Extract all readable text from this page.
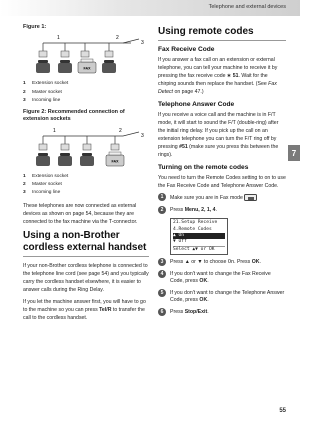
Telephone and external devices
7
55
Figure 1:
FAX
1	2
3
1	Extension socket
2	Master socket
3	Incoming line
Figure 2: Recommended connection of extension sockets
FAX
1	2
3
1	Extension socket
2	Master socket
3	Incoming line

These telephones are now connected as external devices as shown on page 54, because they are connected to the fax machine via the T-connector.

Using a non-Brother cordless external handset

If your non-Brother cordless telephone is connected to the telephone line cord (see page 54) and you typically carry the cordless handset elsewhere, it is easier to answer calls during the Ring Delay.

If you let the machine answer first, you will have to go to the machine so you can press Tel/R to transfer the call to the cordless handset.

Using remote codes
Fax Receive Code

If you answer a fax call on an extension or external telephone, you can tell your machine to receive it by pressing the fax receive code ∗ 51. Wait for the chirping sounds then replace the handset. (See Fax Detect on page 47.)

Telephone Answer Code

If you receive a voice call and the machine is in F/T mode, it will start to sound the F/T (double-ring) after the initial ring delay. If you pick up the call on an extension telephone you can turn the F/T ring off by pressing #51 (make sure you press this between the rings).

Turning on the remote codes

You need to turn the Remote Codes setting to on to use the Fax Receive Code and Telephone Answer Code.

1	Make sure you are in Fax mode
2	Press Menu, 2, 1, 4.
21.Setup Receive
4.Remote Codes
▲ On
▼ Off
Select ▲▼ or OK
3	Press ▲ or ▼ to choose On. Press OK.
4	If you don't want to change the Fax Receive Code, press OK.
5	If you don't want to change the Telephone Answer Code, press OK.
6	Press Stop/Exit.
